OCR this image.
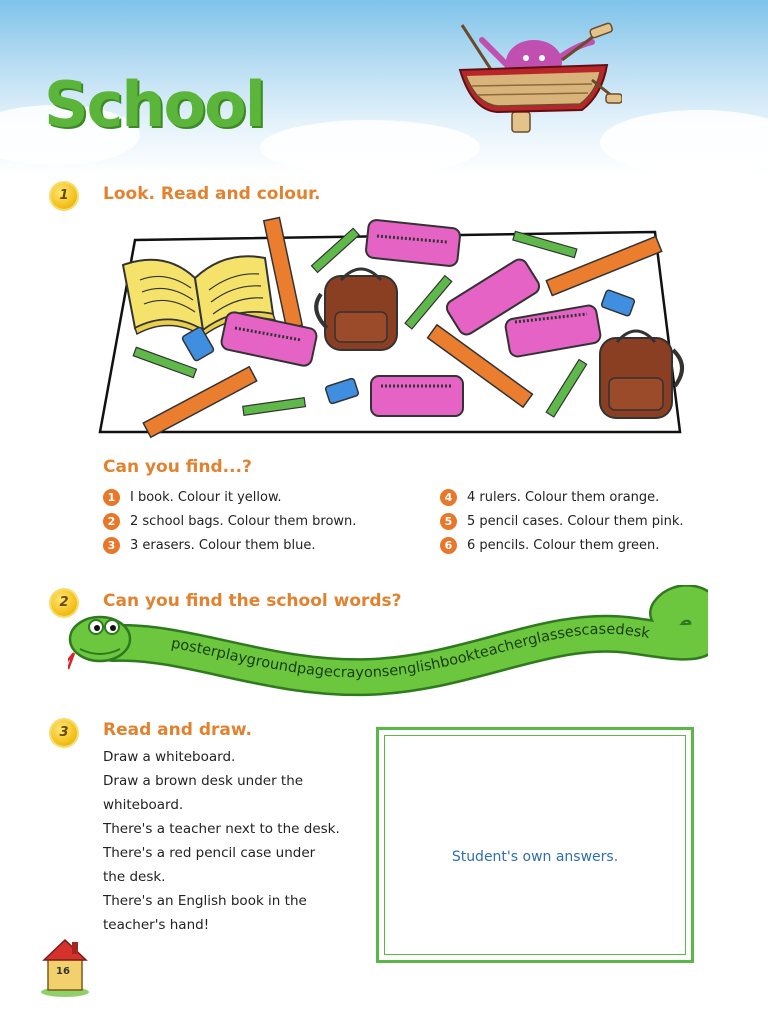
School
1	Look. Read and colour.
Can you find...?
1 I book. Colour it yellow.
2 2 school bags. Colour them brown.
3 3 erasers. Colour them blue.
4 4 rulers. Colour them orange.
5 5 pencil cases. Colour them pink.
6 6 pencils. Colour them green.
2	Can you find the school words?
posterplaygroundpagecrayonsenglishbookteacherglassescasedesk
3	Read and draw.
Draw a whiteboard.
Draw a brown desk under the
whiteboard.
There's a teacher next to the desk.
There's a red pencil case under
the desk.
There's an English book in the
teacher's hand!
Student's own answers.
16
